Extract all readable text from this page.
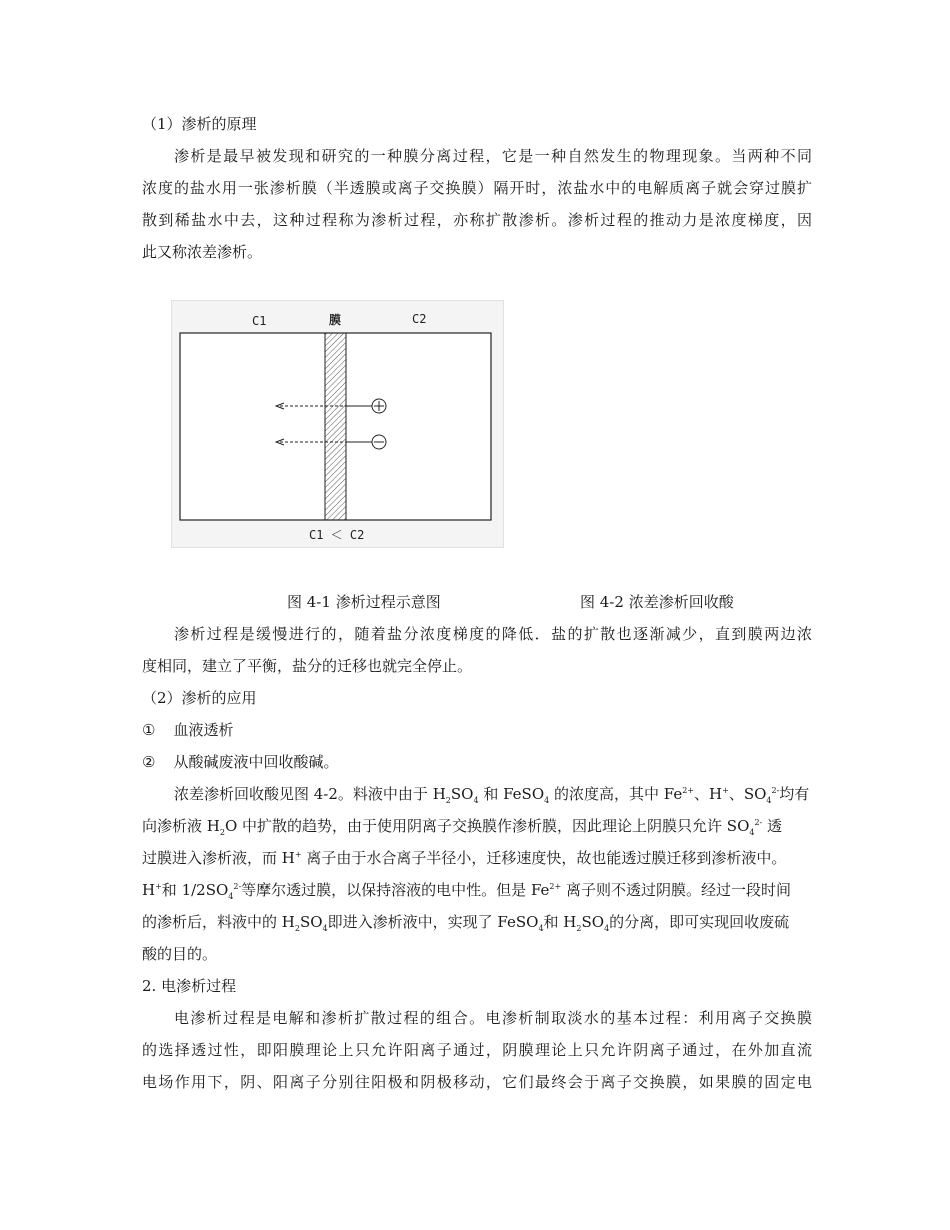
（1）渗析的原理
渗析是最早被发现和研究的一种膜分离过程，它是一种自然发生的物理现象。当两种不同
浓度的盐水用一张渗析膜（半透膜或离子交换膜）隔开时，浓盐水中的电解质离子就会穿过膜扩
散到稀盐水中去，这种过程称为渗析过程，亦称扩散渗析。渗析过程的推动力是浓度梯度，因
此又称浓差渗析。
C1	膜	C2
C1 ＜ C2
图 4-1 渗析过程示意图	图 4-2 浓差渗析回收酸
渗析过程是缓慢进行的，随着盐分浓度梯度的降低．盐的扩散也逐渐减少，直到膜两边浓
度相同，建立了平衡，盐分的迁移也就完全停止。
（2）渗析的应用
① 血液透析
② 从酸碱废液中回收酸碱。
浓差渗析回收酸见图 4-2。料液中由于 $H_2SO_4$ 和 FeSO$_4$ 的浓度高，其中 $Fe^{2+}$、H+、$SO_4^{2-}$均有
向渗析液 $H_2O$ 中扩散的趋势，由于使用阴离子交换膜作渗析膜，因此理论上阴膜只允许 $SO_4^{2-}$ 透
过膜进入渗析液，而 H+ 离子由于水合离子半径小，迁移速度快，故也能透过膜迁移到渗析液中。
H+和 $1/2SO_4^{2-}$等摩尔透过膜，以保持溶液的电中性。但是 $Fe^{2+}$ 离子则不透过阴膜。经过一段时间
的渗析后，料液中的 $H_2SO_4$即进入渗析液中，实现了 FeSO$_4$和 $H_2SO_4$的分离，即可实现回收废硫
酸的目的。
2. 电渗析过程
电渗析过程是电解和渗析扩散过程的组合。电渗析制取淡水的基本过程：利用离子交换膜
的选择透过性，即阳膜理论上只允许阳离子通过，阴膜理论上只允许阴离子通过，在外加直流
电场作用下，阴、阳离子分别往阳极和阴极移动，它们最终会于离子交换膜，如果膜的固定电
